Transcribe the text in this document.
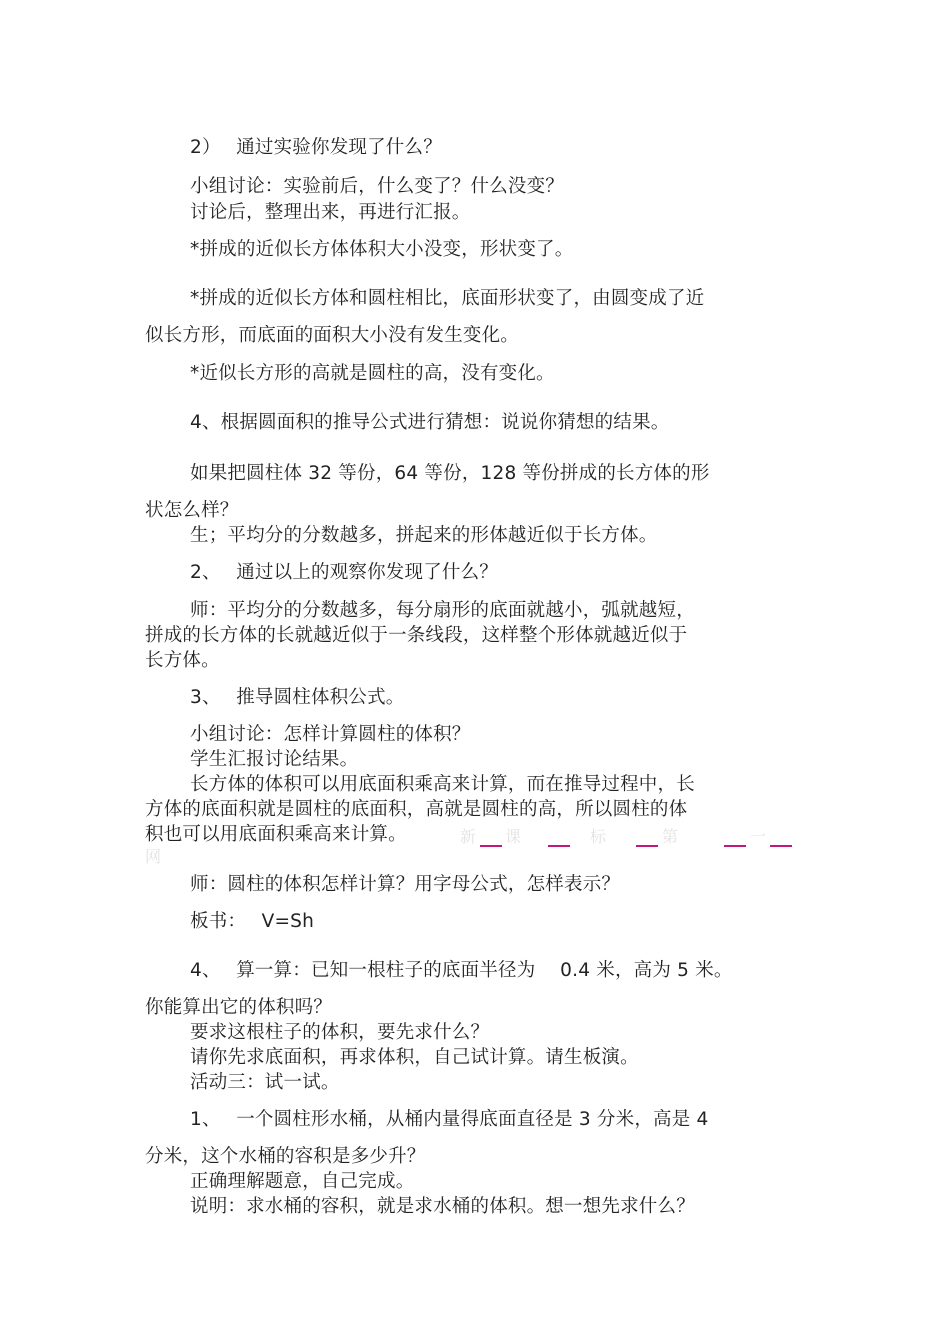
2）　 通过实验你发现了什么？
小组讨论：实验前后，什么变了？什么没变？
讨论后，整理出来，再进行汇报。
*拼成的近似长方体体积大小没变，形状变了。
*拼成的近似长方体和圆柱相比，底面形状变了，由圆变成了近
似长方形，而底面的面积大小没有发生变化。
*近似长方形的高就是圆柱的高，没有变化。
4、根据圆面积的推导公式进行猜想：说说你猜想的结果。
如果把圆柱体 32 等份，64 等份，128 等份拼成的长方体的形
状怎么样？
生；平均分的分数越多，拼起来的形体越近似于长方体。
2、　 通过以上的观察你发现了什么？
师：平均分的分数越多，每分扇形的底面就越小，弧就越短，
拼成的长方体的长就越近似于一条线段，这样整个形体就越近似于
长方体。
3、　 推导圆柱体积公式。
小组讨论：怎样计算圆柱的体积？
学生汇报讨论结果。
长方体的体积可以用底面积乘高来计算，而在推导过程中，长
方体的底面积就是圆柱的底面积，高就是圆柱的高，所以圆柱的体
积也可以用底面积乘高来计算。	新 课	标	第	一
网
师：圆柱的体积怎样计算？用字母公式，怎样表示？
板书：　 V=Sh
4、　 算一算：已知一根柱子的底面半径为　 0.4 米，高为 5 米。
你能算出它的体积吗？
要求这根柱子的体积，要先求什么？
请你先求底面积，再求体积，自己试计算。请生板演。
活动三：试一试。
1、　 一个圆柱形水桶，从桶内量得底面直径是 3 分米，高是 4
分米，这个水桶的容积是多少升？
正确理解题意，自己完成。
说明：求水桶的容积，就是求水桶的体积。想一想先求什么？
